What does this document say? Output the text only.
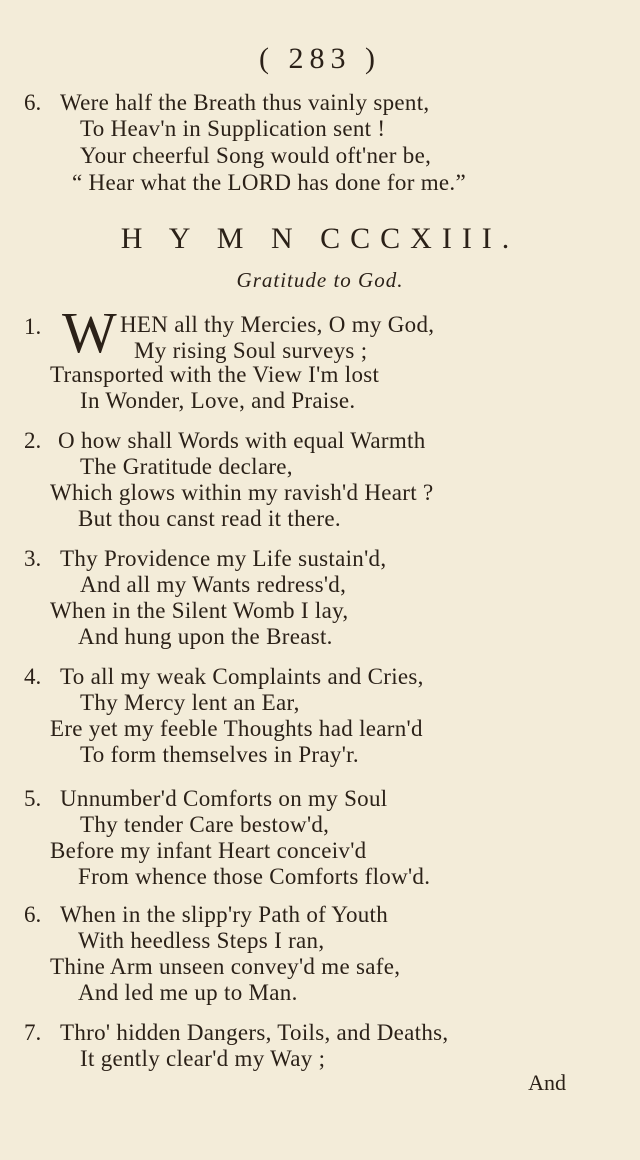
( 283 )
6. Were half the Breath thus vainly spent,
To Heav'n in Supplication sent !
Your cheerful Song would oft'ner be,
“ Hear what the LORD has done for me.”
H Y M N CCCXIII.
Gratitude to God.
1. W HEN all thy Mercies, O my God,
My rising Soul surveys ;
Transported with the View I'm lost
In Wonder, Love, and Praise.
2. O how shall Words with equal Warmth
The Gratitude declare,
Which glows within my ravish'd Heart ?
But thou canst read it there.
3. Thy Providence my Life sustain'd,
And all my Wants redress'd,
When in the Silent Womb I lay,
And hung upon the Breast.
4. To all my weak Complaints and Cries,
Thy Mercy lent an Ear,
Ere yet my feeble Thoughts had learn'd
To form themselves in Pray'r.
5. Unnumber'd Comforts on my Soul
Thy tender Care bestow'd,
Before my infant Heart conceiv'd
From whence those Comforts flow'd.
6. When in the slipp'ry Path of Youth
With heedless Steps I ran,
Thine Arm unseen convey'd me safe,
And led me up to Man.
7. Thro' hidden Dangers, Toils, and Deaths,
It gently clear'd my Way ;
And
